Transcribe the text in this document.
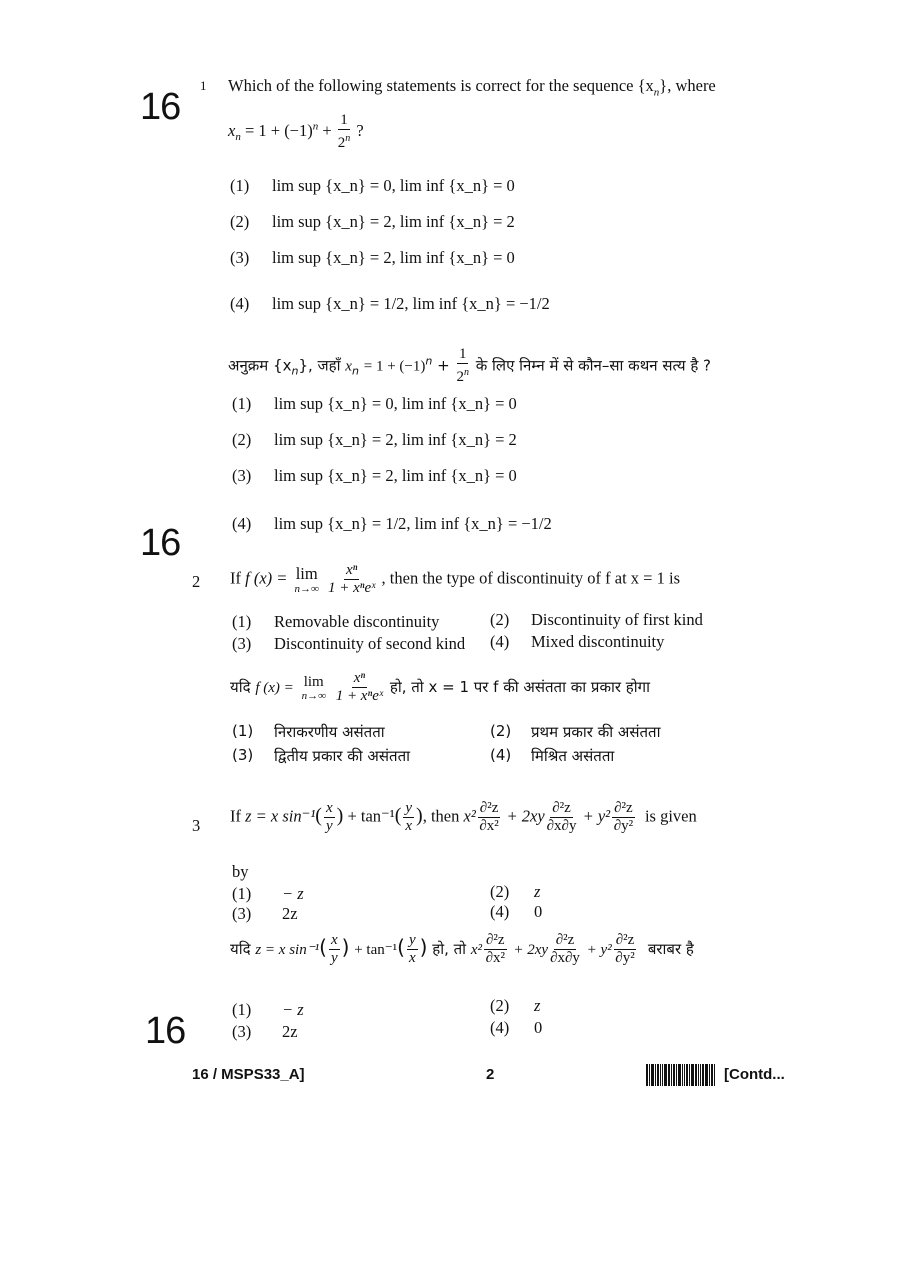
16
16
16
1 Which of the following statements is correct for the sequence $\{x_n\}$, where
$x_n = 1 + (-1)^n + \frac{1}{2^n}$ ?
(1) lim sup {x_n} = 0, lim inf {x_n} = 0
(2) lim sup {x_n} = 2, lim inf {x_n} = 2
(3) lim sup {x_n} = 2, lim inf {x_n} = 0
(4) lim sup {x_n} = 1/2, lim inf {x_n} = −1/2
अनुक्रम $\{x_n\}$, जहाँ $x_n = 1 + (-1)^n + \frac{1}{2^n}$ के लिए निम्न में से कौन–सा कथन सत्य है ?
(1) lim sup {x_n} = 0, lim inf {x_n} = 0
(2) lim sup {x_n} = 2, lim inf {x_n} = 2
(3) lim sup {x_n} = 2, lim inf {x_n} = 0
(4) lim sup {x_n} = 1/2, lim inf {x_n} = −1/2
2 If f (x) = lim
n→∞
$\frac{\text{xⁿ}}{\text{1 + xⁿeˣ}}$ , then the type of discontinuity of f at x = 1 is
(1) Removable discontinuity	(2) Discontinuity of first kind
(3) Discontinuity of second kind (4) Mixed discontinuity
यदि f (x) = lim
n→∞
$\frac{\text{xⁿ}}{\text{1 + xⁿeˣ}}$ हो, तो x = 1 पर f की असंतता का प्रकार होगा
(1) निराकरणीय असंतता	(2) प्रथम प्रकार की असंतता
(3) द्वितीय प्रकार की असंतता	(4) मिश्रित असंतता
3
If z = x $\sin^{-1}( \frac{x}{y}$ ) + $\tan^{-1}( \frac{y}{x}$ ), then $x^2 \frac{\text{∂²z}}{\text{∂x²}} + 2xy \frac{\text{∂²z}}{\partial x\partial y} + y^2 \frac{\text{∂²z}}{\text{∂y²}}$ is given
by
(1) − z	(2) z
(3) 2z	(4) 0
यदि z = x $\sin^{-1}( \frac{x}{y}$ ) + $\tan^{-1}( \frac{y}{x}$ ) हो, तो $x^2 \frac{\text{∂²z}}{\text{∂x²}} + 2xy \frac{\text{∂²z}}{\partial x\partial y} + y^2 \frac{\text{∂²z}}{\text{∂y²}}$ बराबर है
(1) − z	(2) z
(3) 2z	(4) 0
16 / MSPS33_A]	2	[Contd...
